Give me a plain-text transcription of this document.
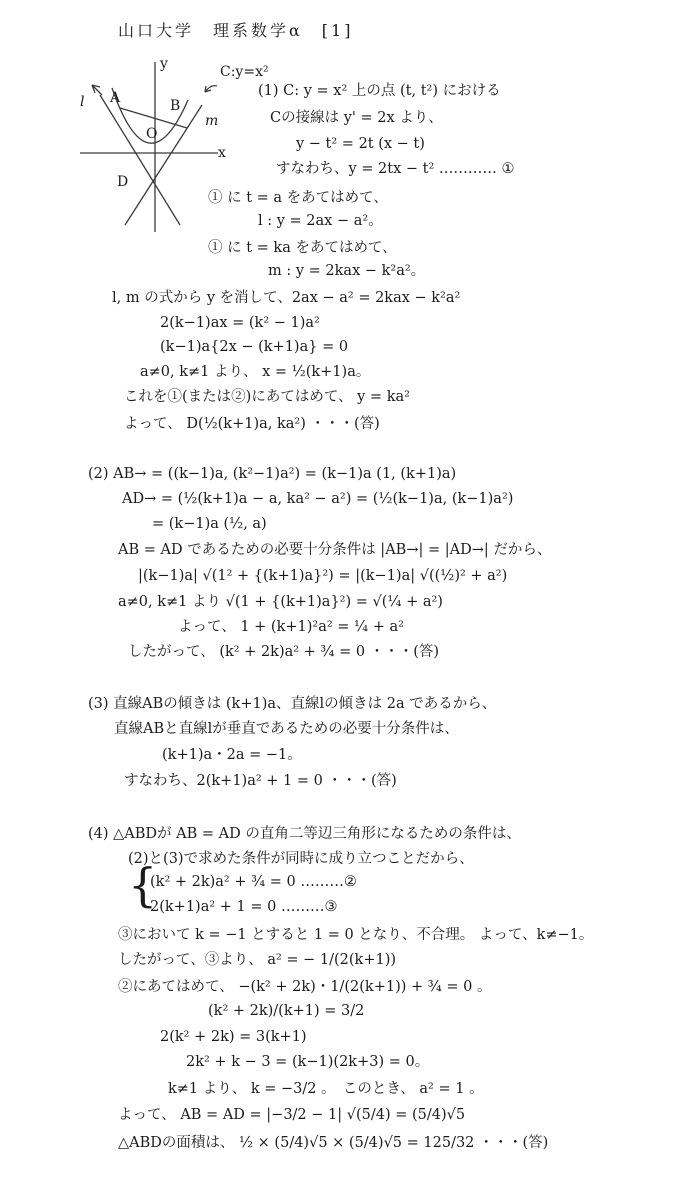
山口大学　理系数学α　[1]
y
x
C:y=x²
l A	B
m
O
D
(1) C: y = x² 上の点 (t, t²) における
Cの接線は y' = 2x より、
y − t² = 2t (x − t)
すなわち、y = 2tx − t² ………… ①
① に t = a をあてはめて、
l : y = 2ax − a²。
① に t = ka をあてはめて、
m : y = 2kax − k²a²。
l, m の式から y を消して、2ax − a² = 2kax − k²a²
2(k−1)ax = (k² − 1)a²
(k−1)a{2x − (k+1)a} = 0
a≠0, k≠1 より、 x = ½(k+1)a。
これを①(または②)にあてはめて、 y = ka²
よって、 D(½(k+1)a, ka²) ・・・(答)
(2) AB→ = ((k−1)a, (k²−1)a²) = (k−1)a (1, (k+1)a)
AD→ = (½(k+1)a − a, ka² − a²) = (½(k−1)a, (k−1)a²)
= (k−1)a (½, a)
AB = AD であるための必要十分条件は |AB→| = |AD→| だから、
|(k−1)a| √(1² + {(k+1)a}²) = |(k−1)a| √((½)² + a²)
a≠0, k≠1 より √(1 + {(k+1)a}²) = √(¼ + a²)
よって、 1 + (k+1)²a² = ¼ + a²
したがって、 (k² + 2k)a² + ¾ = 0 ・・・(答)
(3) 直線ABの傾きは (k+1)a、直線lの傾きは 2a であるから、
直線ABと直線lが垂直であるための必要十分条件は、
(k+1)a・2a = −1。
すなわち、2(k+1)a² + 1 = 0 ・・・(答)
(4) △ABDが AB = AD の直角二等辺三角形になるための条件は、
(2)と(3)で求めた条件が同時に成り立つことだから、
{
(k² + 2k)a² + ¾ = 0 ………②
2(k+1)a² + 1 = 0 ………③
③において k = −1 とすると 1 = 0 となり、不合理。 よって、k≠−1。
したがって、③より、 a² = − 1/(2(k+1))
②にあてはめて、 −(k² + 2k)・1/(2(k+1)) + ¾ = 0 。
(k² + 2k)/(k+1) = 3/2
2(k² + 2k) = 3(k+1)
2k² + k − 3 = (k−1)(2k+3) = 0。
k≠1 より、 k = −3/2 。　このとき、 a² = 1 。
よって、 AB = AD = |−3/2 − 1| √(5/4) = (5/4)√5
△ABDの面積は、 ½ × (5/4)√5 × (5/4)√5 = 125/32 ・・・(答)
